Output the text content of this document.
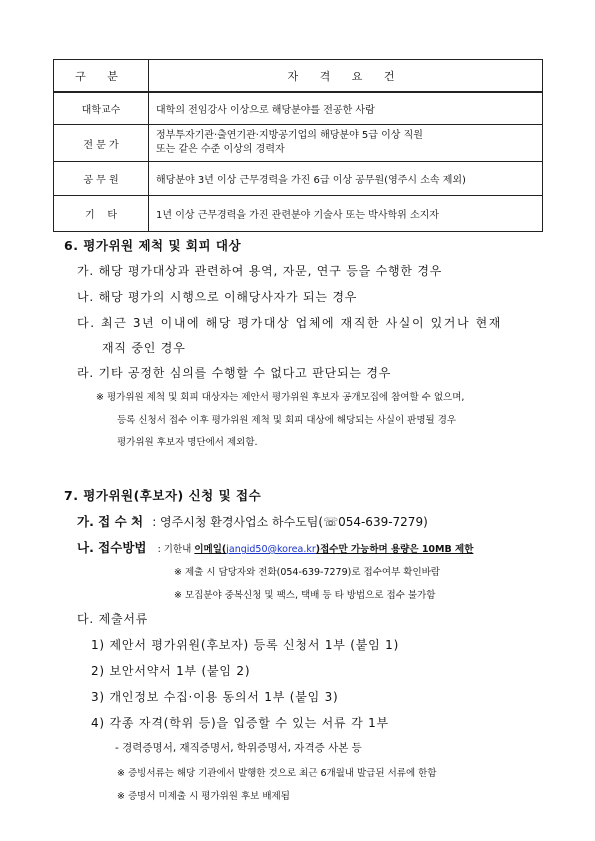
구 분	자 격 요 건
대학교수	대학의 전임강사 이상으로 해당분야를 전공한 사람
전 문 가	정부투자기관·출연기관·지방공기업의 해당분야 5급 이상 직원
또는 같은 수준 이상의 경력자

공 무 원	해당분야 3년 이상 근무경력을 가진 6급 이상 공무원(영주시 소속 제외)
기    타	1년 이상 근무경력을 가진 관련분야 기술사 또는 박사학위 소지자
6. 평가위원 제척 및 회피 대상
가. 해당 평가대상과 관련하여 용역, 자문, 연구 등을 수행한 경우
나. 해당 평가의 시행으로 이해당사자가 되는 경우
다. 최근 3년 이내에 해당 평가대상 업체에 재직한 사실이 있거나 현재
재직 중인 경우
라. 기타 공정한 심의를 수행할 수 없다고 판단되는 경우
※ 평가위원 제척 및 회피 대상자는 제안서 평가위원 후보자 공개모집에 참여할 수 없으며,
등록 신청서 접수 이후 평가위원 제척 및 회피 대상에 해당되는 사실이 판명될 경우
평가위원 후보자 명단에서 제외함.
7. 평가위원(후보자) 신청 및 접수
가. 접 수 처 : 영주시청 환경사업소 하수도팀(☏054-639-7279)
나. 접수방법 : 기한내 이메일(jangid50@korea.kr)접수만 가능하며 용량은 10MB 제한
※ 제출 시 담당자와 전화(054-639-7279)로 접수여부 확인바람
※ 모집분야 중복신청 및 팩스, 택배 등 타 방법으로 접수 불가함
다. 제출서류
1) 제안서 평가위원(후보자) 등록 신청서 1부 (붙임 1)
2) 보안서약서 1부 (붙임 2)
3) 개인정보 수집·이용 동의서 1부 (붙임 3)
4) 각종 자격(학위 등)을 입증할 수 있는 서류 각 1부
- 경력증명서, 재직증명서, 학위증명서, 자격증 사본 등
※ 증빙서류는 해당 기관에서 발행한 것으로 최근 6개월내 발급된 서류에 한함
※ 증명서 미제출 시 평가위원 후보 배제됨
